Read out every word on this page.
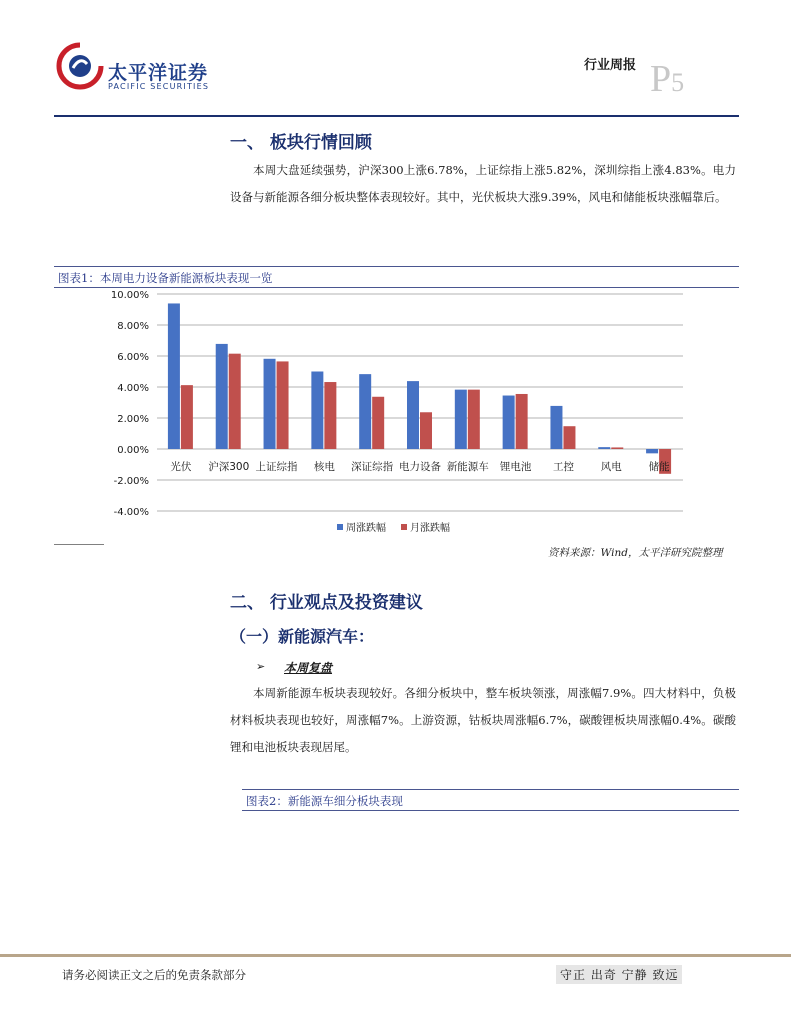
太平洋证券
PACIFIC SECURITIES
行业周报 P5
一、 板块行情回顾
本周大盘延续强势，沪深300上涨6.78%，上证综指上涨5.82%，深圳综指上涨4.83%。电力设备与新能源各细分板块整体表现较好。其中，光伏板块大涨9.39%，风电和储能板块涨幅靠后。
图表1：本周电力设备新能源板块表现一览
10.00%
8.00%
6.00%
4.00%
2.00%
0.00%
-2.00%
-4.00%
光伏 沪深300 上证综指 核电 深证综指 电力设备 新能源车 锂电池 工控	风电	储能
周涨跌幅 月涨跌幅
资料来源：Wind，太平洋研究院整理
二、 行业观点及投资建议
（一）新能源汽车：
➢ 本周复盘
本周新能源车板块表现较好。各细分板块中，整车板块领涨，周涨幅7.9%。四大材料中，负极材料板块表现也较好，周涨幅7%。上游资源，钴板块周涨幅6.7%，碳酸锂板块周涨幅0.4%。碳酸锂和电池板块表现居尾。
图表2：新能源车细分板块表现
请务必阅读正文之后的免责条款部分	守正 出奇 宁静 致远
